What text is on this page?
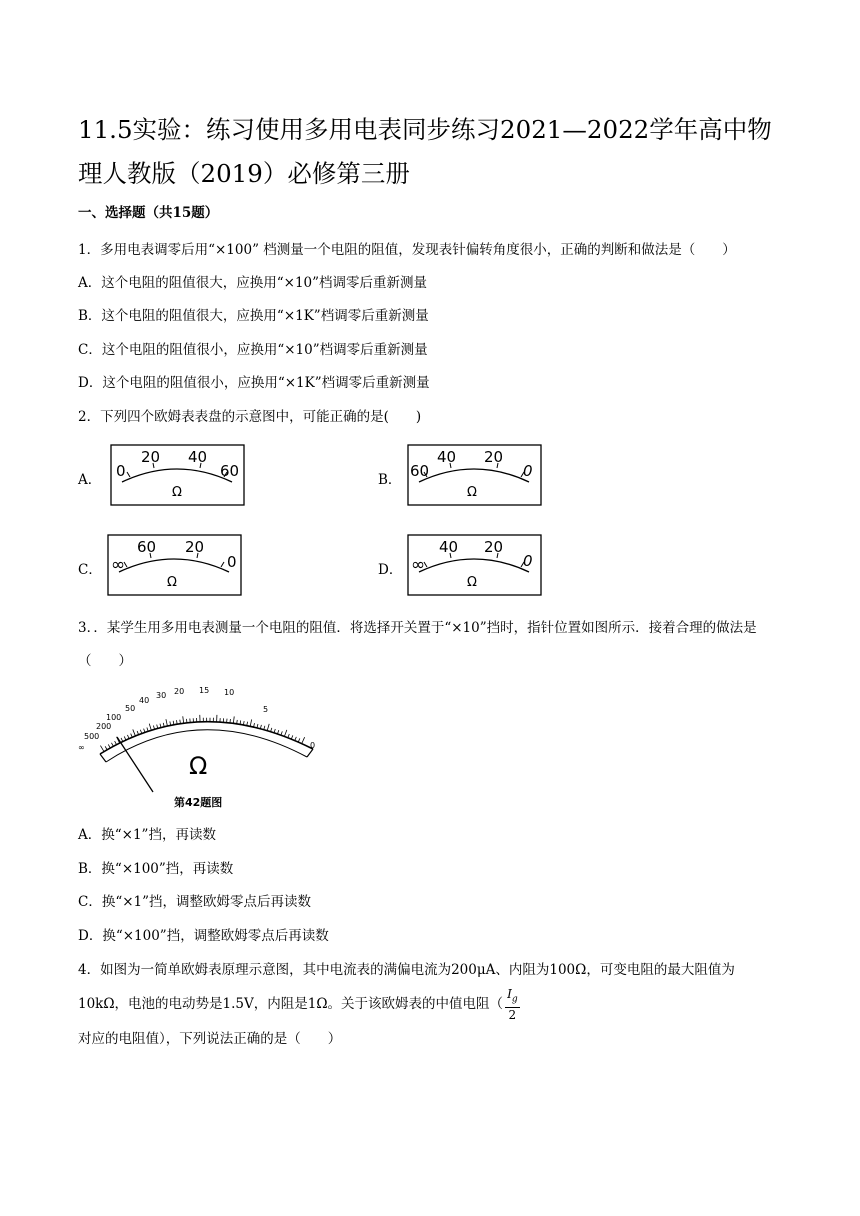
11.5实验：练习使用多用电表同步练习2021—2022学年高中物理人教版（2019）必修第三册
一、选择题（共15题）
1．多用电表调零后用“×100” 档测量一个电阻的阻值，发现表针偏转角度很小，正确的判断和做法是（　　）
A．这个电阻的阻值很大，应换用“×10”档调零后重新测量
B．这个电阻的阻值很大，应换用“×1K”档调零后重新测量
C．这个电阻的阻值很小，应换用“×10”档调零后重新测量
D．这个电阻的阻值很小，应换用“×1K”档调零后重新测量
2．下列四个欧姆表表盘的示意图中，可能正确的是(　　)
A． 0
20 40
60
Ω
B． 60
40 20
0
Ω
C． ∞
60 20
0
Ω
D． ∞
40 20
0
Ω
3．．某学生用多用电表测量一个电阻的阻值．将选择开关置于“×10”挡时，指针位置如图所示．接着合理的做法是（　　）
∞
500
200
100
50
40
30 20 15 10
5
0
Ω
第42题图
A．换“×1”挡，再读数
B．换“×100”挡，再读数
C．换“×1”挡，调整欧姆零点后再读数
D．换“×100”挡，调整欧姆零点后再读数
4．如图为一简单欧姆表原理示意图，其中电流表的满偏电流为200μA、内阻为100Ω，可变电阻的最大阻值为10kΩ，电池的电动势是1.5V，内阻是1Ω。关于该欧姆表的中值电阻（ $\frac{I_g}{2}$
对应的电阻值），下列说法正确的是（　　）
